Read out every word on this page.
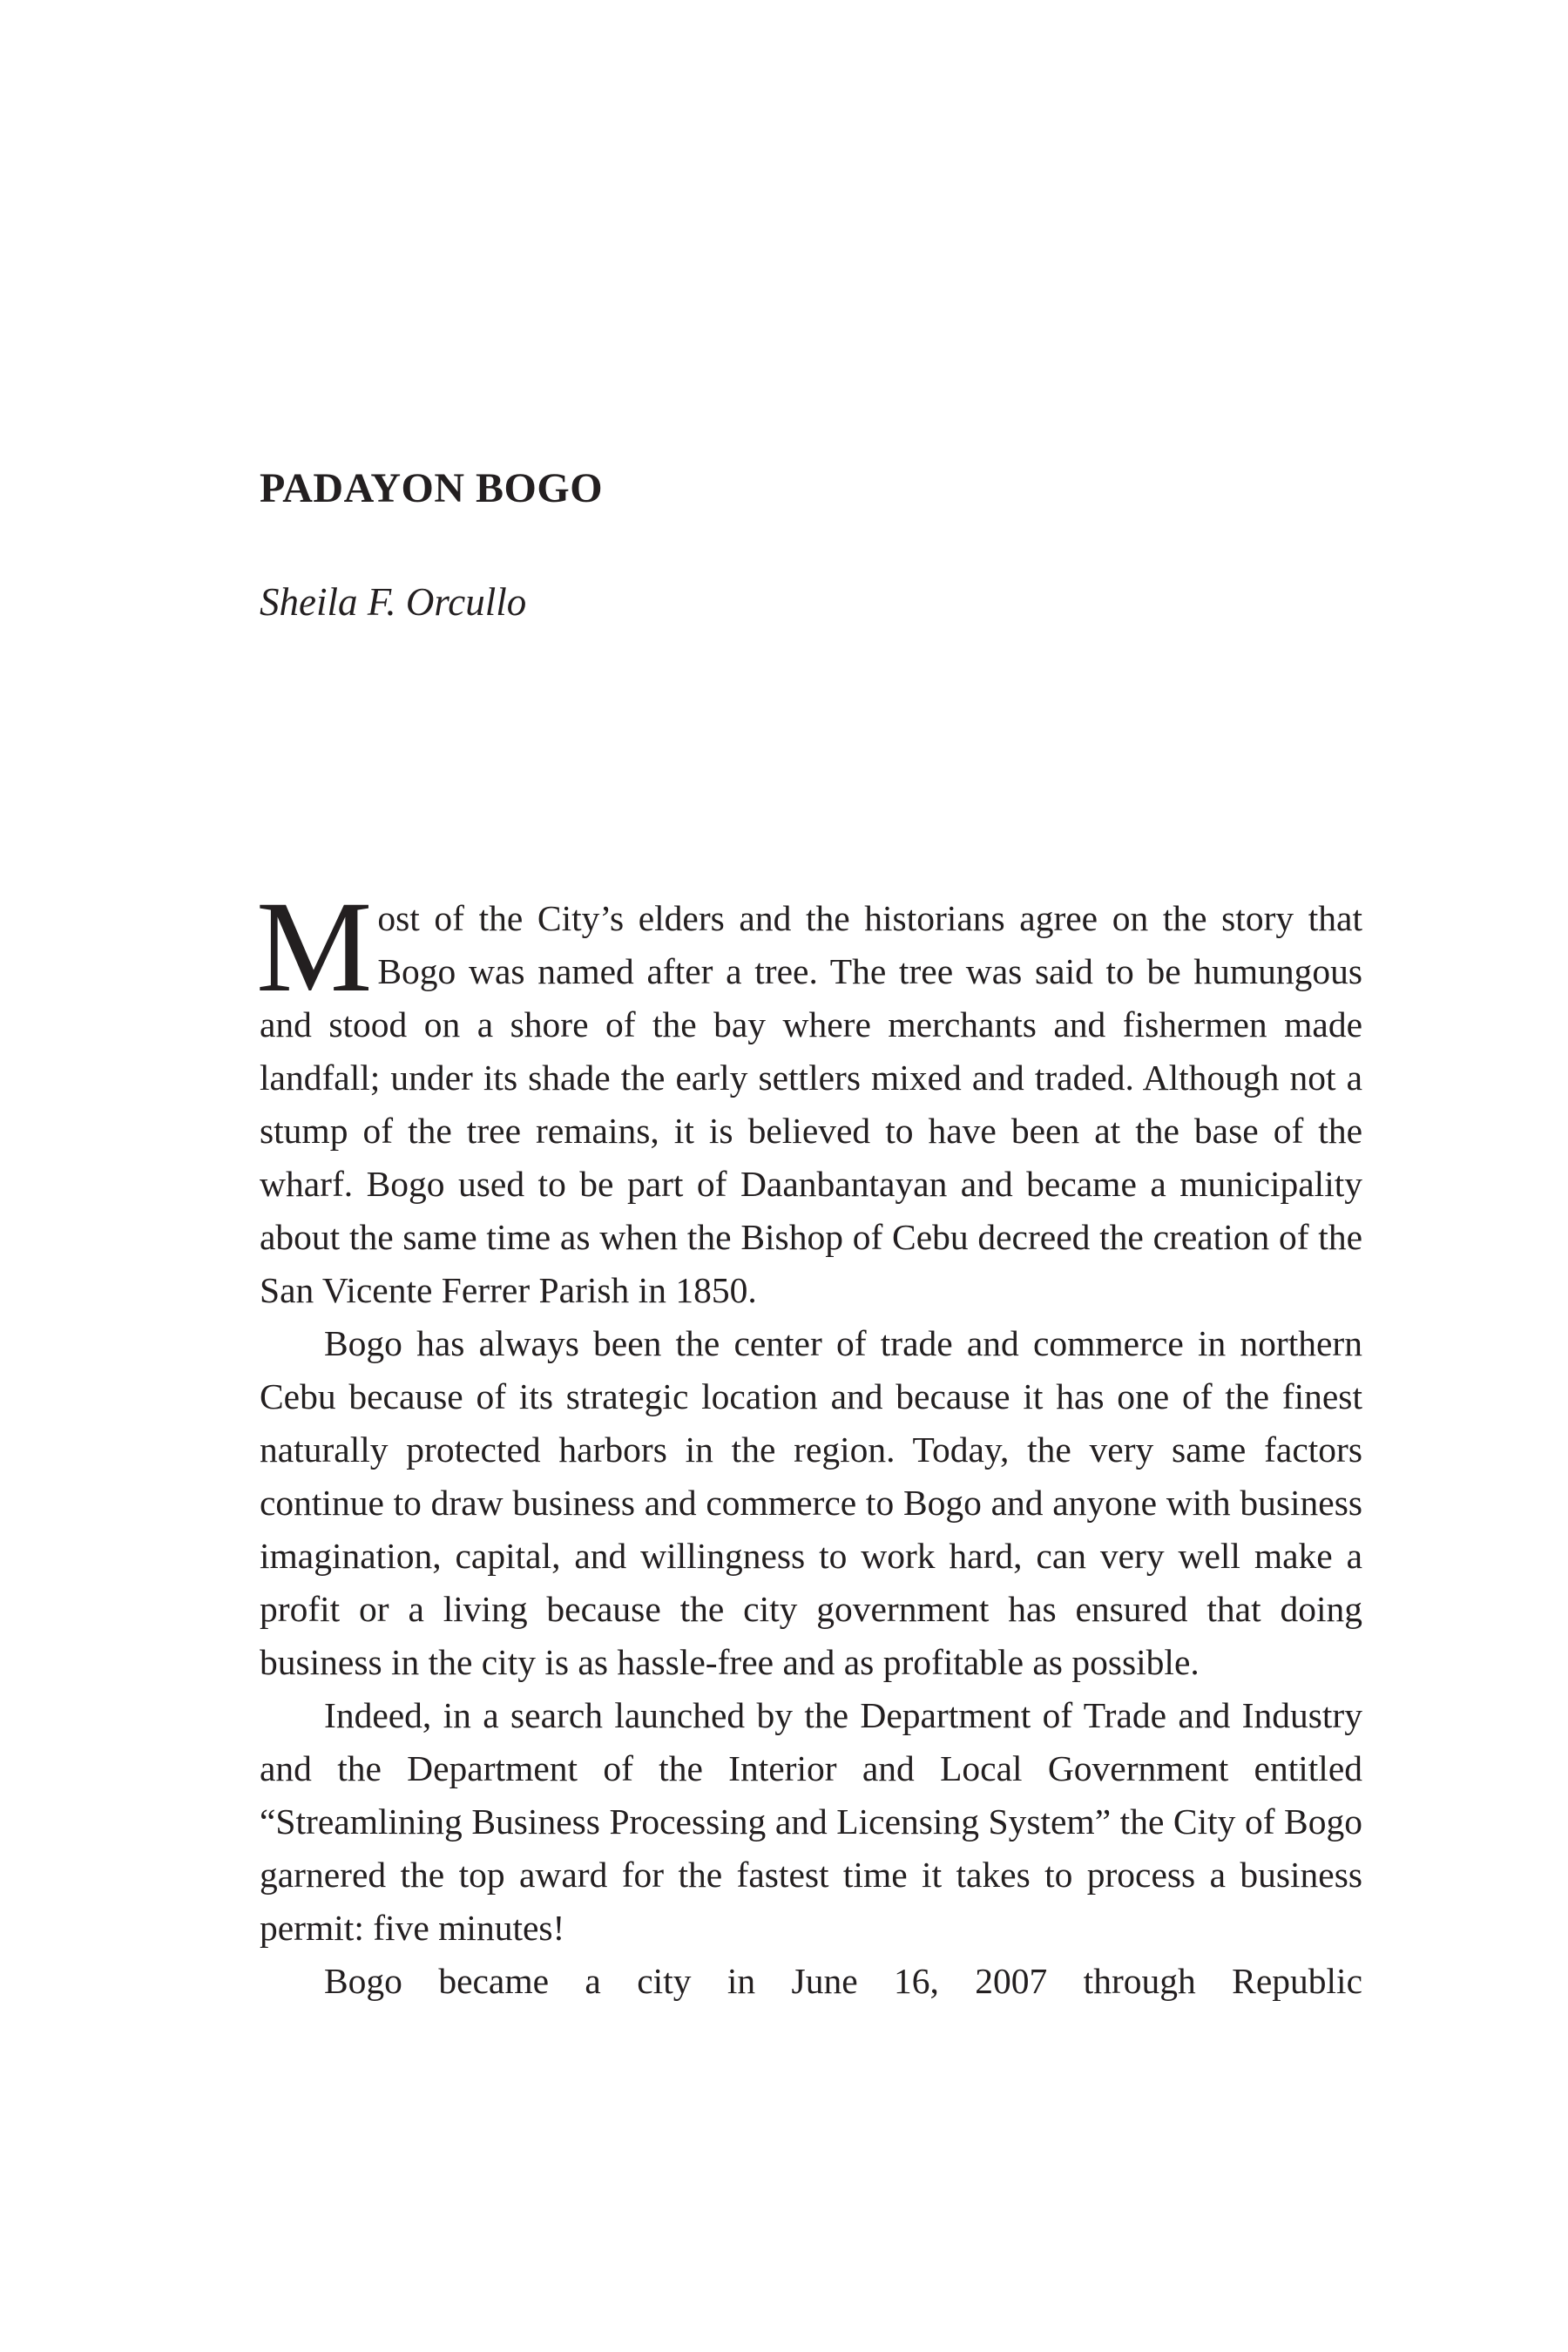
PADAYON BOGO

Sheila F. Orcullo

Most of the City’s elders and the historians agree on the story that Bogo was named after a tree. The tree was said to be humungous and stood on a shore of the bay where merchants and fishermen made landfall; under its shade the early settlers mixed and traded. Although not a stump of the tree remains, it is believed to have been at the base of the wharf. Bogo used to be part of Daanbantayan and became a municipality about the same time as when the Bishop of Cebu decreed the creation of the San Vicente Ferrer Parish in 1850.

Bogo has always been the center of trade and commerce in northern Cebu because of its strategic location and because it has one of the finest naturally protected harbors in the region. Today, the very same factors continue to draw business and commerce to Bogo and anyone with business imagination, capital, and willingness to work hard, can very well make a profit or a living because the city government has ensured that doing business in the city is as hassle-free and as profitable as possible.

Indeed, in a search launched by the Department of Trade and Industry and the Department of the Interior and Local Government entitled “Streamlining Business Processing and Licensing System” the City of Bogo garnered the top award for the fastest time it takes to process a business permit: five minutes!

Bogo became a city in June 16, 2007 through Republic
